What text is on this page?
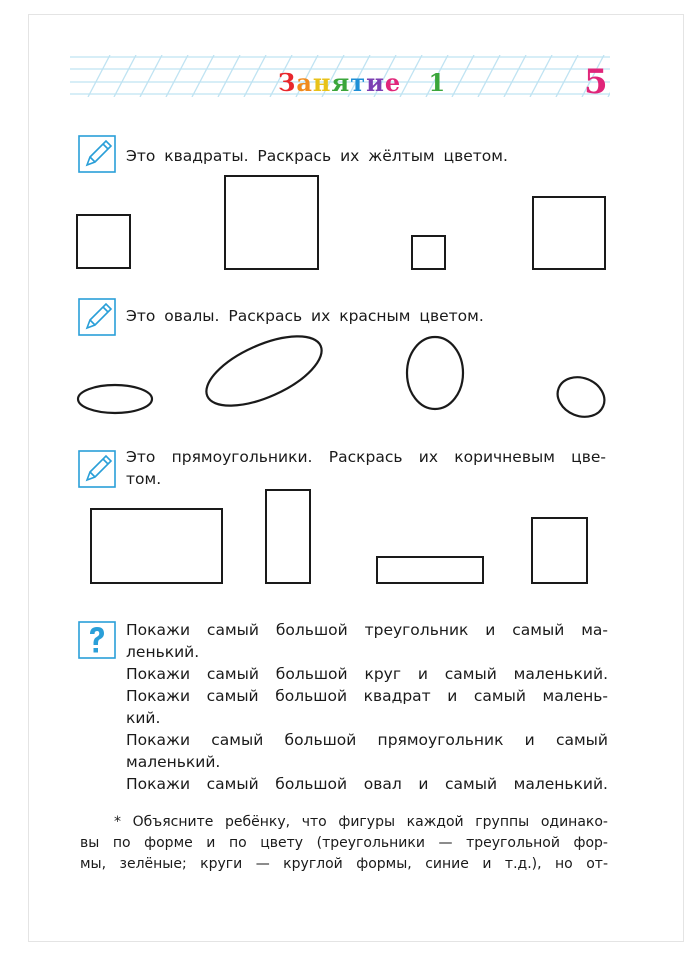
Занятие 1	5
Это квадраты. Раскрась их жёлтым цветом.
Это овалы. Раскрась их красным цветом.
Это прямоугольники. Раскрась их коричневым цве-
том.

Покажи самый большой треугольник и самый ма-
ленький.

Покажи самый большой круг и самый маленький.

Покажи самый большой квадрат и самый малень-
кий.

Покажи самый большой прямоугольник и самый
маленький.

Покажи самый большой овал и самый маленький.

* Объясните ребёнку, что фигуры каждой группы одинако-

вы по форме и по цвету (треугольники — треугольной фор-

мы, зелёные; круги — круглой формы, синие и т.д.), но от-
